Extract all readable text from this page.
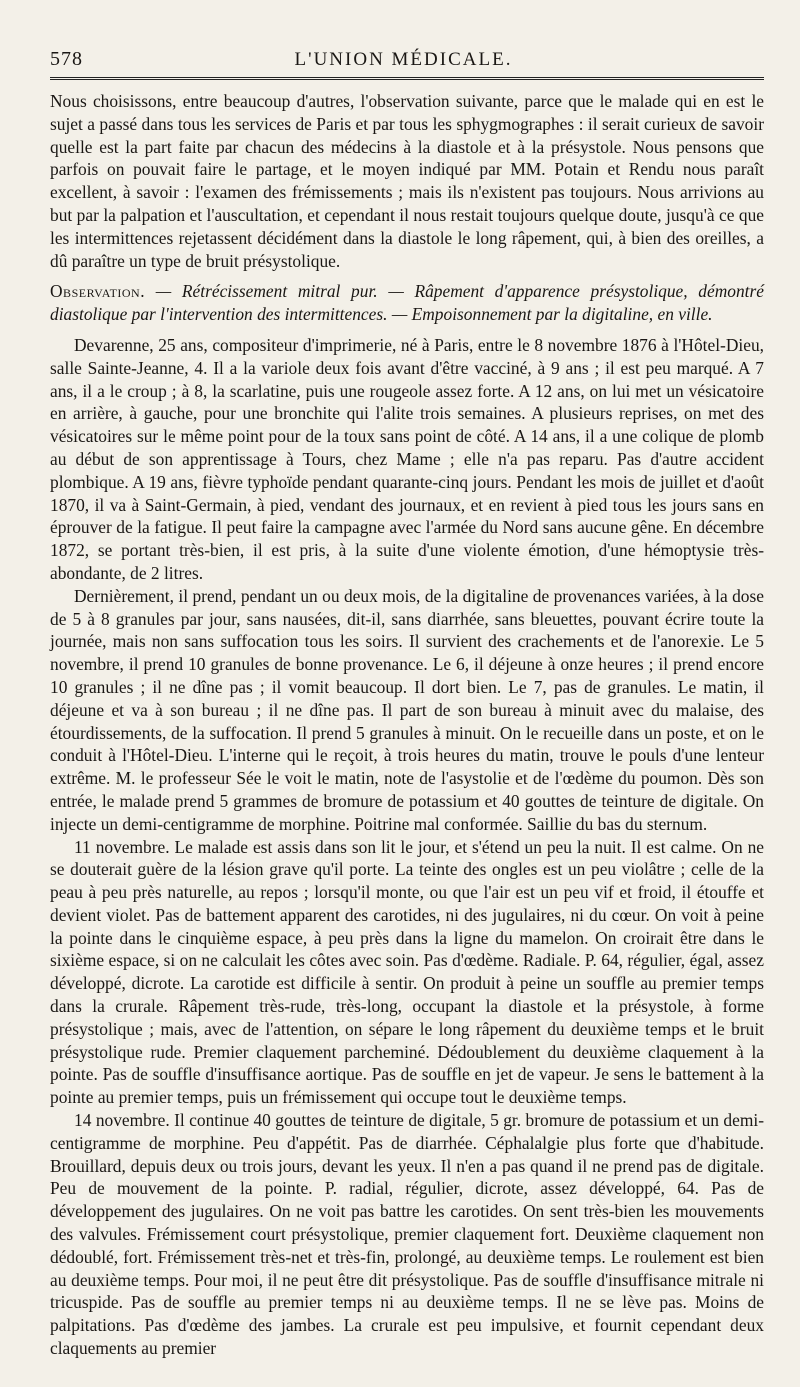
578	L'UNION MÉDICALE.

Nous choisissons, entre beaucoup d'autres, l'observation suivante, parce que le malade qui en est le sujet a passé dans tous les services de Paris et par tous les sphygmographes : il serait curieux de savoir quelle est la part faite par chacun des médecins à la diastole et à la présystole. Nous pensons que parfois on pouvait faire le partage, et le moyen indiqué par MM. Potain et Rendu nous paraît excellent, à savoir : l'examen des frémissements ; mais ils n'existent pas toujours. Nous arrivions au but par la palpation et l'auscultation, et cependant il nous restait toujours quelque doute, jusqu'à ce que les intermittences rejetassent décidément dans la diastole le long râpement, qui, à bien des oreilles, a dû paraître un type de bruit présystolique.

Observation. — Rétrécissement mitral pur. — Râpement d'apparence présystolique, démontré diastolique par l'intervention des intermittences. — Empoisonnement par la digitaline, en ville.

Devarenne, 25 ans, compositeur d'imprimerie, né à Paris, entre le 8 novembre 1876 à l'Hôtel-Dieu, salle Sainte-Jeanne, 4. Il a la variole deux fois avant d'être vacciné, à 9 ans ; il est peu marqué. A 7 ans, il a le croup ; à 8, la scarlatine, puis une rougeole assez forte. A 12 ans, on lui met un vésicatoire en arrière, à gauche, pour une bronchite qui l'alite trois semaines. A plusieurs reprises, on met des vésicatoires sur le même point pour de la toux sans point de côté. A 14 ans, il a une colique de plomb au début de son apprentissage à Tours, chez Mame ; elle n'a pas reparu. Pas d'autre accident plombique. A 19 ans, fièvre typhoïde pendant quarante-cinq jours. Pendant les mois de juillet et d'août 1870, il va à Saint-Germain, à pied, vendant des journaux, et en revient à pied tous les jours sans en éprouver de la fatigue. Il peut faire la campagne avec l'armée du Nord sans aucune gêne. En décembre 1872, se portant très-bien, il est pris, à la suite d'une violente émotion, d'une hémoptysie très-abondante, de 2 litres.

Dernièrement, il prend, pendant un ou deux mois, de la digitaline de provenances variées, à la dose de 5 à 8 granules par jour, sans nausées, dit-il, sans diarrhée, sans bleuettes, pouvant écrire toute la journée, mais non sans suffocation tous les soirs. Il survient des crachements et de l'anorexie. Le 5 novembre, il prend 10 granules de bonne provenance. Le 6, il déjeune à onze heures ; il prend encore 10 granules ; il ne dîne pas ; il vomit beaucoup. Il dort bien. Le 7, pas de granules. Le matin, il déjeune et va à son bureau ; il ne dîne pas. Il part de son bureau à minuit avec du malaise, des étourdissements, de la suffocation. Il prend 5 granules à minuit. On le recueille dans un poste, et on le conduit à l'Hôtel-Dieu. L'interne qui le reçoit, à trois heures du matin, trouve le pouls d'une lenteur extrême. M. le professeur Sée le voit le matin, note de l'asystolie et de l'œdème du poumon. Dès son entrée, le malade prend 5 grammes de bromure de potassium et 40 gouttes de teinture de digitale. On injecte un demi-centigramme de morphine. Poitrine mal conformée. Saillie du bas du sternum.

11 novembre. Le malade est assis dans son lit le jour, et s'étend un peu la nuit. Il est calme. On ne se douterait guère de la lésion grave qu'il porte. La teinte des ongles est un peu violâtre ; celle de la peau à peu près naturelle, au repos ; lorsqu'il monte, ou que l'air est un peu vif et froid, il étouffe et devient violet. Pas de battement apparent des carotides, ni des jugulaires, ni du cœur. On voit à peine la pointe dans le cinquième espace, à peu près dans la ligne du mamelon. On croirait être dans le sixième espace, si on ne calculait les côtes avec soin. Pas d'œdème. Radiale. P. 64, régulier, égal, assez développé, dicrote. La carotide est difficile à sentir. On produit à peine un souffle au premier temps dans la crurale. Râpement très-rude, très-long, occupant la diastole et la présystole, à forme présystolique ; mais, avec de l'attention, on sépare le long râpement du deuxième temps et le bruit présystolique rude. Premier claquement parcheminé. Dédoublement du deuxième claquement à la pointe. Pas de souffle d'insuffisance aortique. Pas de souffle en jet de vapeur. Je sens le battement à la pointe au premier temps, puis un frémissement qui occupe tout le deuxième temps.

14 novembre. Il continue 40 gouttes de teinture de digitale, 5 gr. bromure de potassium et un demi-centigramme de morphine. Peu d'appétit. Pas de diarrhée. Céphalalgie plus forte que d'habitude. Brouillard, depuis deux ou trois jours, devant les yeux. Il n'en a pas quand il ne prend pas de digitale. Peu de mouvement de la pointe. P. radial, régulier, dicrote, assez développé, 64. Pas de développement des jugulaires. On ne voit pas battre les carotides. On sent très-bien les mouvements des valvules. Frémissement court présystolique, premier claquement fort. Deuxième claquement non dédoublé, fort. Frémissement très-net et très-fin, prolongé, au deuxième temps. Le roulement est bien au deuxième temps. Pour moi, il ne peut être dit présystolique. Pas de souffle d'insuffisance mitrale ni tricuspide. Pas de souffle au premier temps ni au deuxième temps. Il ne se lève pas. Moins de palpitations. Pas d'œdème des jambes. La crurale est peu impulsive, et fournit cependant deux claquements au premier
